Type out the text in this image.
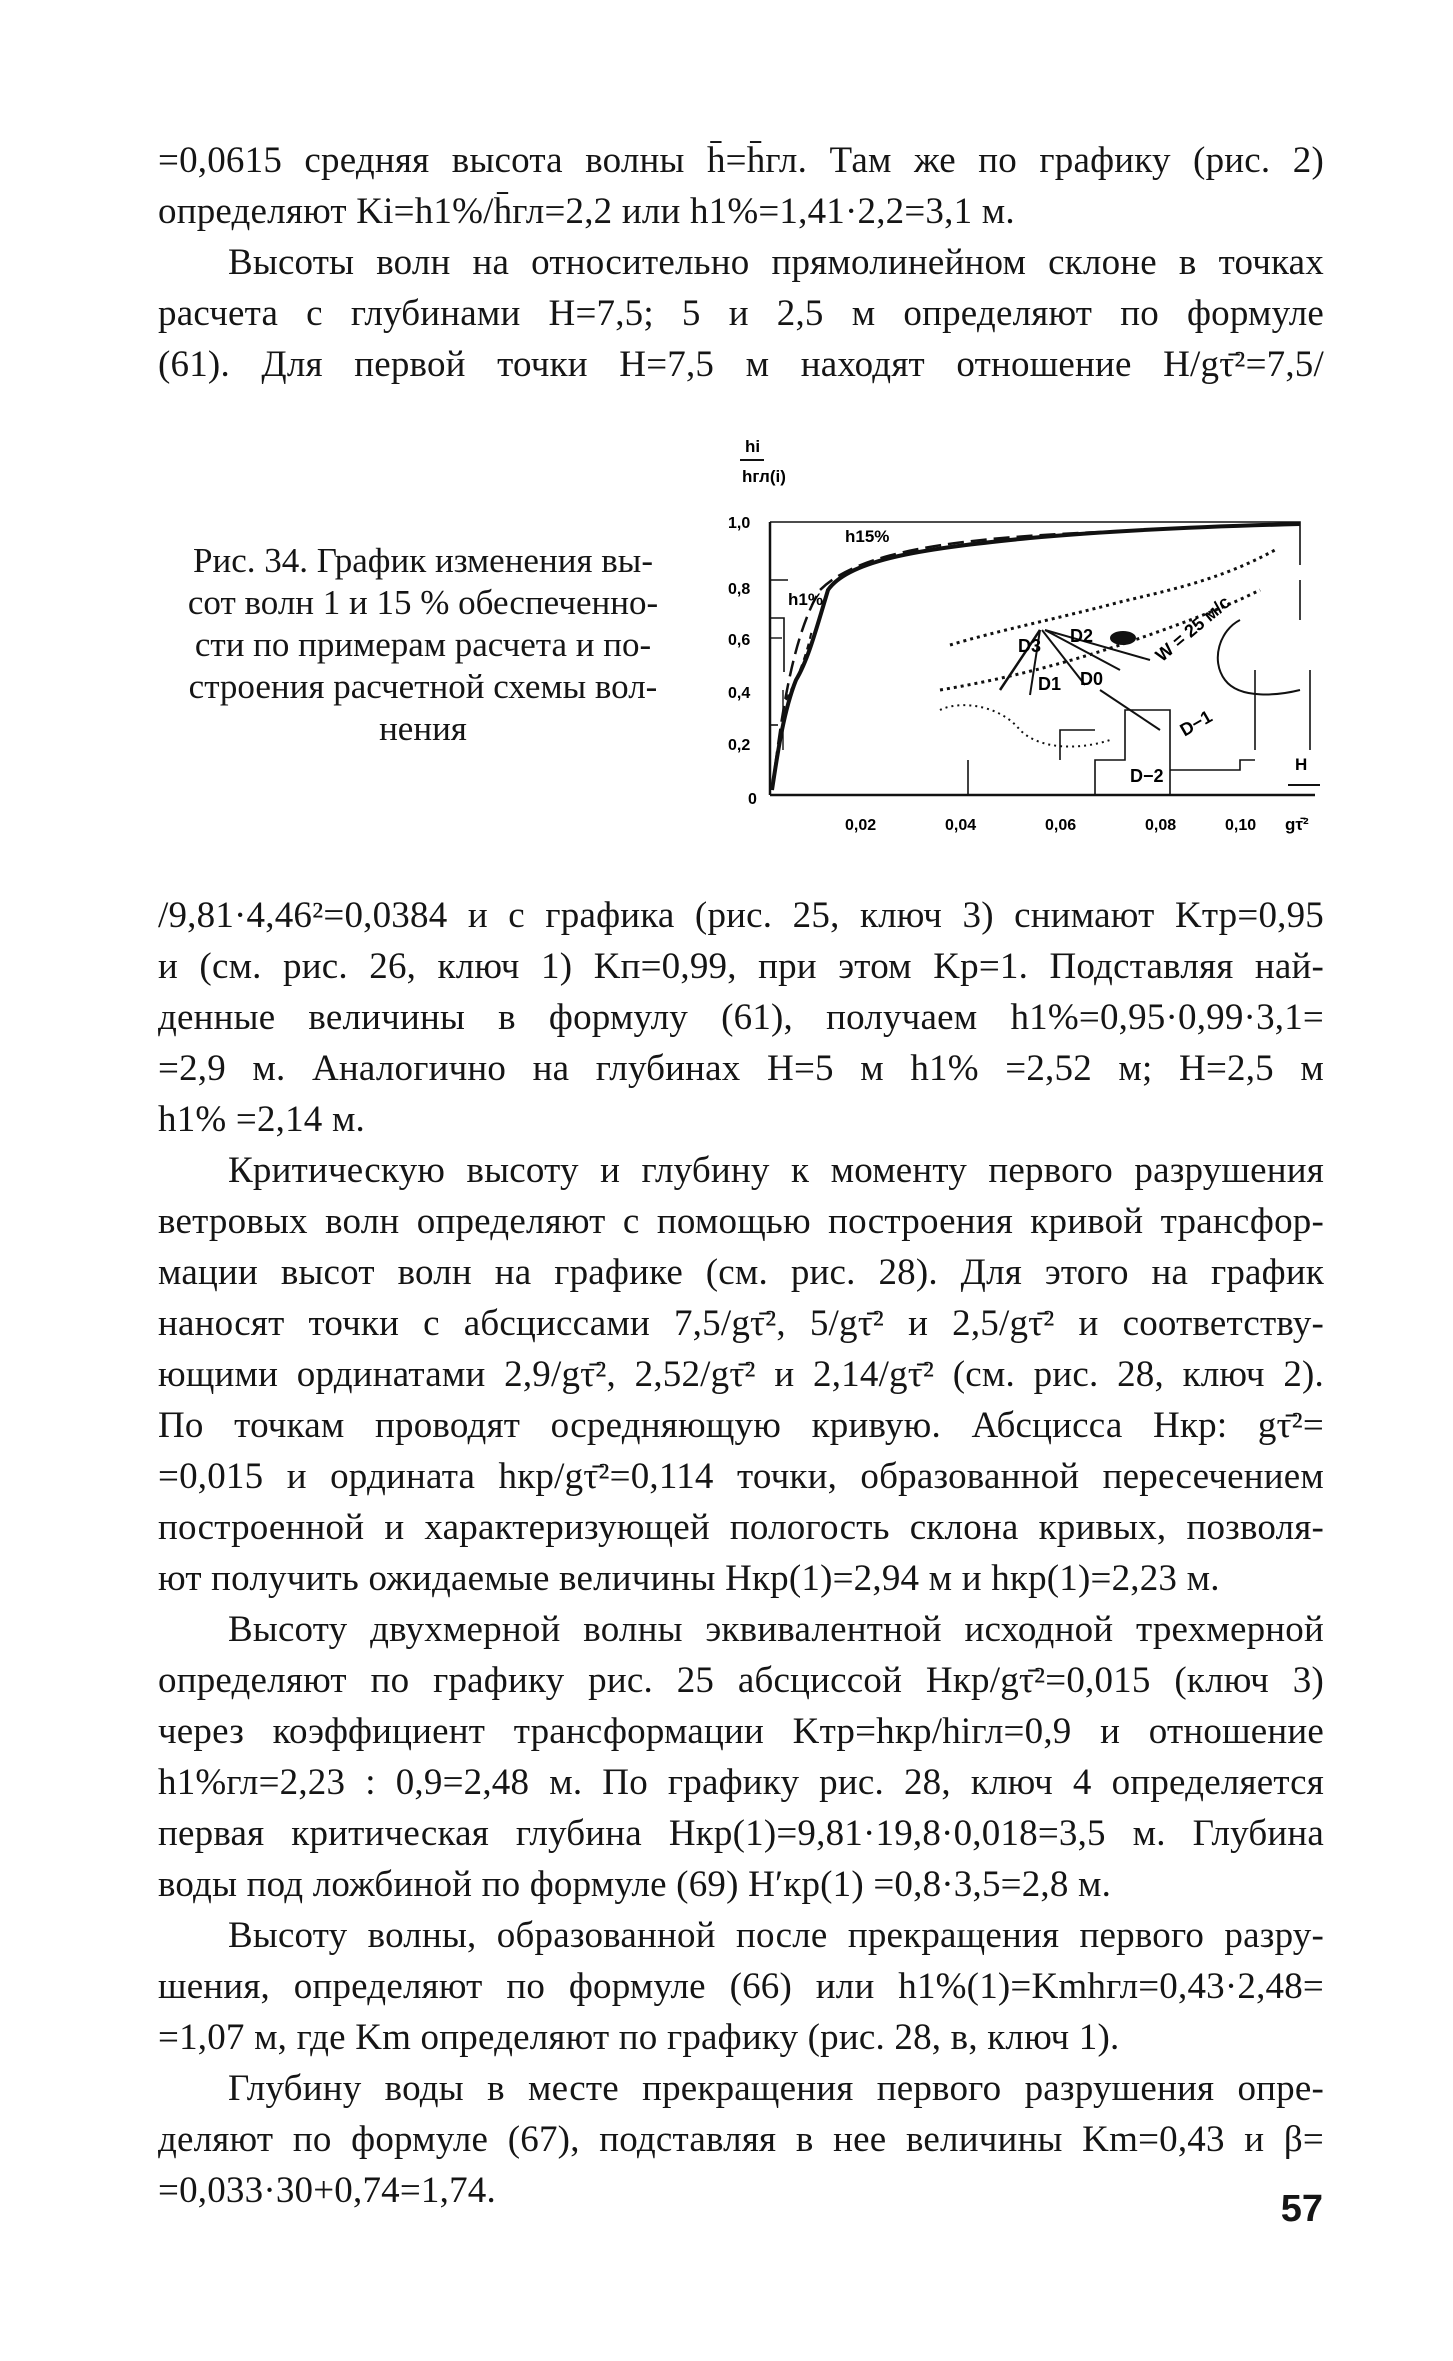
=0,0615 средняя высота волны h̄=h̄гл. Там же по графику (рис. 2)
определяют Ki=h1%/h̄гл=2,2 или h1%=1,41·2,2=3,1 м.
Высоты волн на относительно прямолинейном склоне в точках
расчета с глубинами H=7,5; 5 и 2,5 м определяют по формуле
(61). Для первой точки H=7,5 м находят отношение H/gτ̄²=7,5/
Рис. 34. График изменения вы-
сот волн 1 и 15 % обеспеченно-
сти по примерам расчета и по-
строения расчетной схемы вол-
нения
hi
hгл(i)
1,0
0,8
0,6
0,4
0,2
0
h15%
h1%	W = 25 м/с
D3 D2
D1 D0
D−1
D−2
0,02	0,04	0,06	0,08	0,10
H
gτ̄²
/9,81·4,46²=0,0384 и с графика (рис. 25, ключ 3) снимают Kтр=0,95
и (см. рис. 26, ключ 1) Kп=0,99, при этом Kр=1. Подставляя най-
денные величины в формулу (61), получаем h1%=0,95·0,99·3,1=
=2,9 м. Аналогично на глубинах H=5 м h1% =2,52 м; H=2,5 м
h1% =2,14 м.
Критическую высоту и глубину к моменту первого разрушения
ветровых волн определяют с помощью построения кривой трансфор-
мации высот волн на графике (см. рис. 28). Для этого на график
наносят точки с абсциссами 7,5/gτ̄², 5/gτ̄² и 2,5/gτ̄² и соответству-
ющими ординатами 2,9/gτ̄², 2,52/gτ̄² и 2,14/gτ̄² (см. рис. 28, ключ 2).
По точкам проводят осредняющую кривую. Абсцисса Hкр: gτ̄²=
=0,015 и ордината hкр/gτ̄²=0,114 точки, образованной пересечением
построенной и характеризующей пологость склона кривых, позволя-
ют получить ожидаемые величины Hкр(1)=2,94 м и hкр(1)=2,23 м.
Высоту двухмерной волны эквивалентной исходной трехмерной
определяют по графику рис. 25 абсциссой Hкр/gτ̄²=0,015 (ключ 3)
через коэффициент трансформации Kтр=hкр/hiгл=0,9 и отношение
h1%гл=2,23 : 0,9=2,48 м. По графику рис. 28, ключ 4 определяется
первая критическая глубина Hкр(1)=9,81·19,8·0,018=3,5 м. Глубина
воды под ложбиной по формуле (69) H′кр(1) =0,8·3,5=2,8 м.
Высоту волны, образованной после прекращения первого разру-
шения, определяют по формуле (66) или h1%(1)=Kmhгл=0,43·2,48=
=1,07 м, где Km определяют по графику (рис. 28, в, ключ 1).
Глубину воды в месте прекращения первого разрушения опре-
деляют по формуле (67), подставляя в нее величины Km=0,43 и β=
=0,033·30+0,74=1,74.	57
